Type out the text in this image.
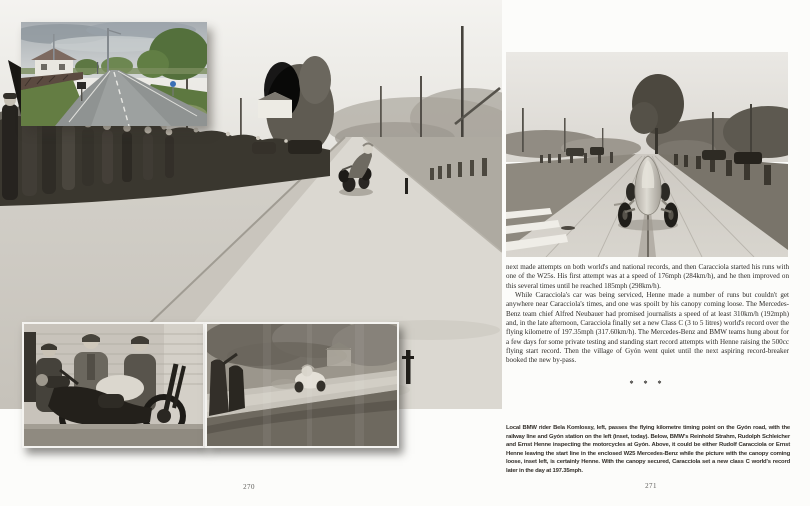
next made attempts on both world's and national records, and then Caracciola started his runs with one of the W25s. His first attempt was at a speed of 176mph (284km/h), and he then improved on this several times until he reached 185mph (298km/h).

While Caracciola's car was being serviced, Henne made a number of runs but couldn't get anywhere near Caracciola's times, and one was spoilt by his canopy coming loose. The Mercedes-Benz team chief Alfred Neubauer had promised journalists a speed of at least 310km/h (192mph) and, in the late afternoon, Caracciola finally set a new Class C (3 to 5 litres) world's record over the flying kilometre of 197.35mph (317.60km/h). The Mercedes-Benz and BMW teams hung about for a few days for some private testing and standing start record attempts with Henne raising the 500cc flying start record. Then the village of Gyón went quiet until the next aspiring record-breaker booked the new by-pass.

* * *
Local BMW rider Bela Komlossy, left, passes the flying kilometre timing point on the Gyón road, with the railway line and Gyón station on the left (inset, today). Below, BMW's Reinhold Strahm, Rudolph Schleicher and Ernst Henne inspecting the motorcycles at Gyón. Above, it could be either Rudolf Caracciola or Ernst Henne leaving the start line in the enclosed W25 Mercedes-Benz while the picture with the canopy coming loose, inset left, is certainly Henne. With the canopy secured, Caracciola set a new class C world's record later in the day at 197.35mph.
270	271
